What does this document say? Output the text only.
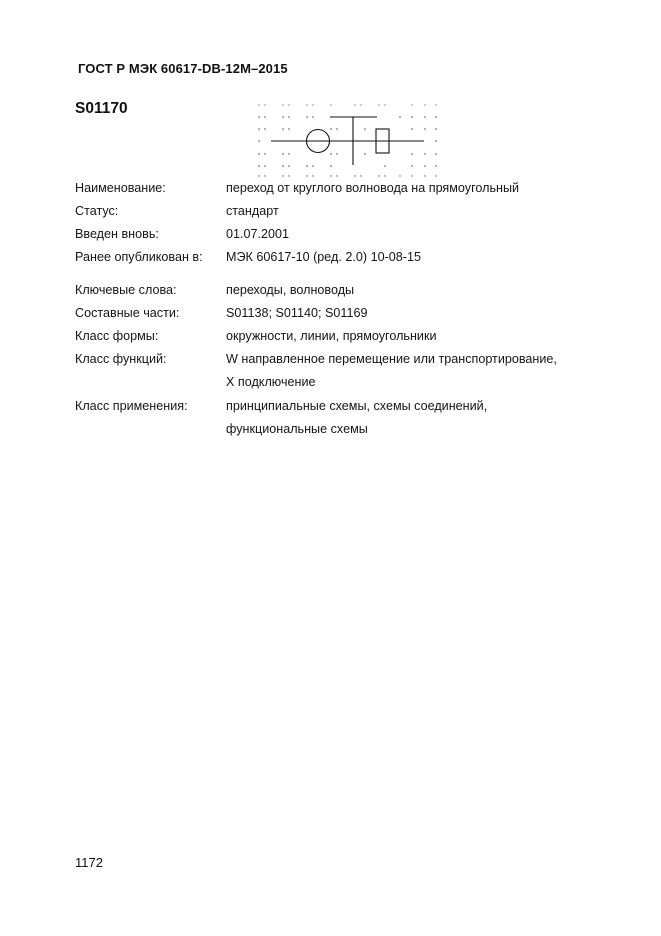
ГОСТ Р МЭК 60617-DB-12M–2015
S01170
Наименование:	переход от круглого волновода на прямоугольный
Статус:	стандарт
Введен вновь:	01.07.2001
Ранее опубликован в:	МЭК 60617-10 (ред. 2.0) 10-08-15
Ключевые слова:	переходы, волноводы
Составные части:	S01138; S01140; S01169
Класс формы:	окружности, линии, прямоугольники
Класс функций:	W направленное перемещение или транспортирование,
X подключение
Класс применения:	принципиальные схемы, схемы соединений,
функциональные схемы
1172
